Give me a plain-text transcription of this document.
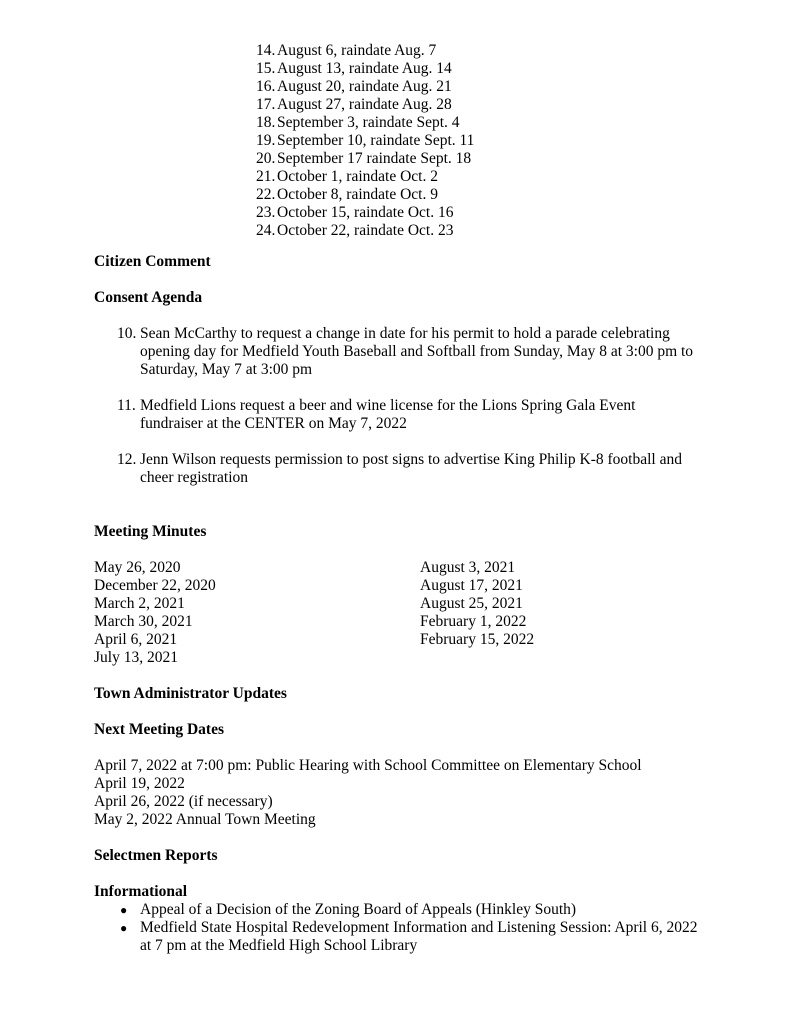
14. August 6, raindate Aug. 7
15. August 13, raindate Aug. 14
16. August 20, raindate Aug. 21
17. August 27, raindate Aug. 28
18. September 3, raindate Sept. 4
19. September 10, raindate Sept. 11
20. September 17 raindate Sept. 18
21. October 1, raindate Oct. 2
22. October 8, raindate Oct. 9
23. October 15, raindate Oct. 16
24. October 22, raindate Oct. 23
Citizen Comment
Consent Agenda
10. Sean McCarthy to request a change in date for his permit to hold a parade celebrating opening day for Medfield Youth Baseball and Softball from Sunday, May 8 at 3:00 pm to Saturday, May 7 at 3:00 pm
11. Medfield Lions request a beer and wine license for the Lions Spring Gala Event fundraiser at the CENTER on May 7, 2022
12. Jenn Wilson requests permission to post signs to advertise King Philip K-8 football and cheer registration
Meeting Minutes
May 26, 2020
December 22, 2020
March 2, 2021
March 30, 2021
April 6, 2021
July 13, 2021
August 3, 2021
August 17, 2021
August 25, 2021
February 1, 2022
February 15, 2022
Town Administrator Updates
Next Meeting Dates
April 7, 2022 at 7:00 pm: Public Hearing with School Committee on Elementary School
April 19, 2022
April 26, 2022 (if necessary)
May 2, 2022 Annual Town Meeting
Selectmen Reports
Informational
● Appeal of a Decision of the Zoning Board of Appeals (Hinkley South)
● Medfield State Hospital Redevelopment Information and Listening Session: April 6, 2022 at 7 pm at the Medfield High School Library
